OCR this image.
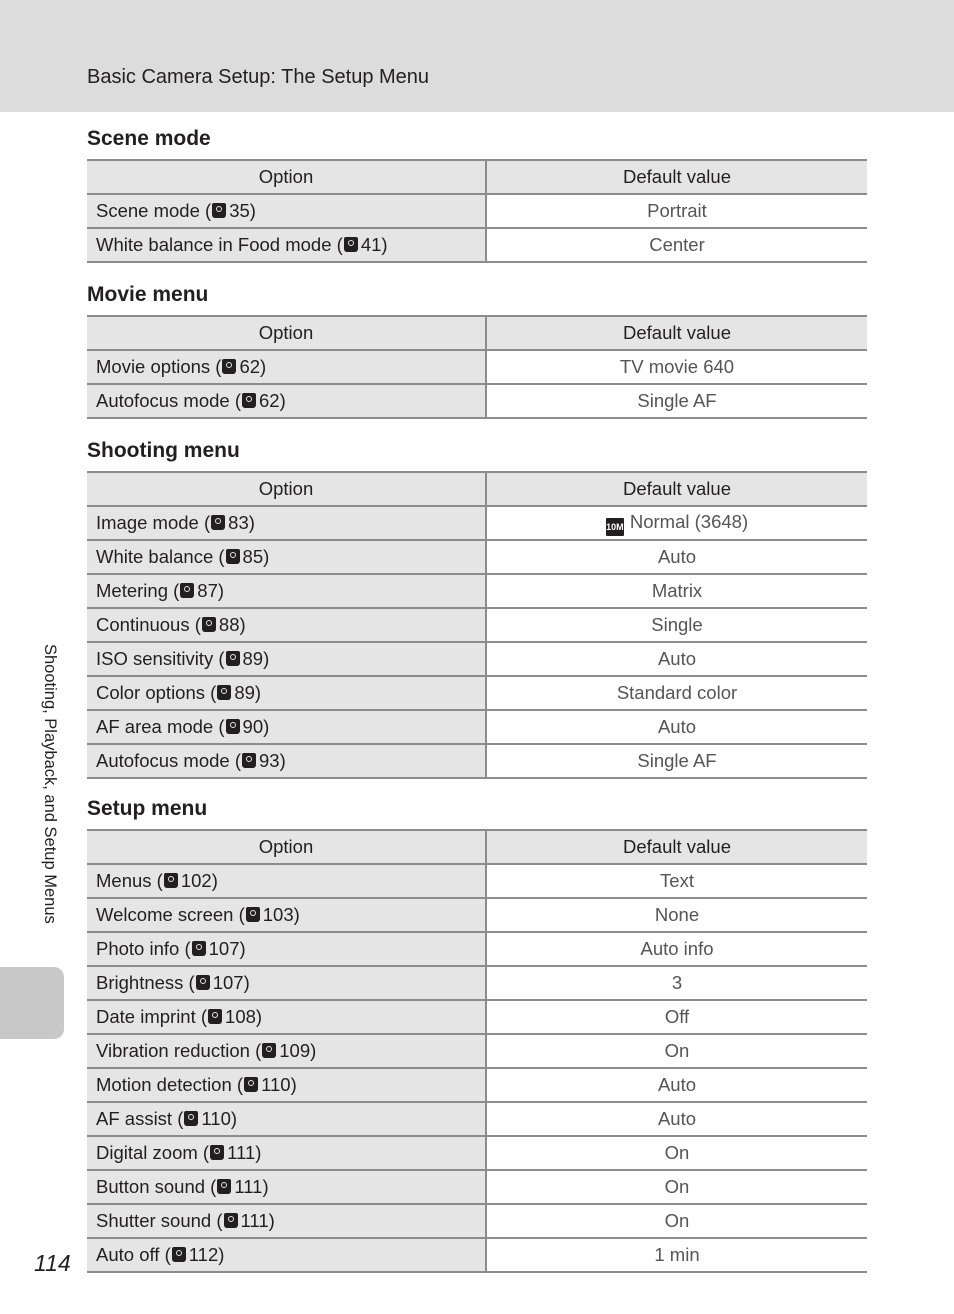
Basic Camera Setup: The Setup Menu
Shooting, Playback, and Setup Menus
114
Scene mode
Option	Default value
Scene mode ( 35)	Portrait
White balance in Food mode ( 41)	Center
Movie menu
Option	Default value
Movie options ( 62)	TV movie 640
Autofocus mode ( 62)	Single AF
Shooting menu
Option	Default value
Image mode ( 83)	10M Normal (3648)
White balance ( 85)	Auto
Metering ( 87)	Matrix
Continuous ( 88)	Single
ISO sensitivity ( 89)	Auto
Color options ( 89)	Standard color
AF area mode ( 90)	Auto
Autofocus mode ( 93)	Single AF
Setup menu
Option	Default value
Menus ( 102)	Text
Welcome screen ( 103)	None
Photo info ( 107)	Auto info
Brightness ( 107)	3
Date imprint ( 108)	Off
Vibration reduction ( 109)	On
Motion detection ( 110)	Auto
AF assist ( 110)	Auto
Digital zoom ( 111)	On
Button sound ( 111)	On
Shutter sound ( 111)	On
Auto off ( 112)	1 min
